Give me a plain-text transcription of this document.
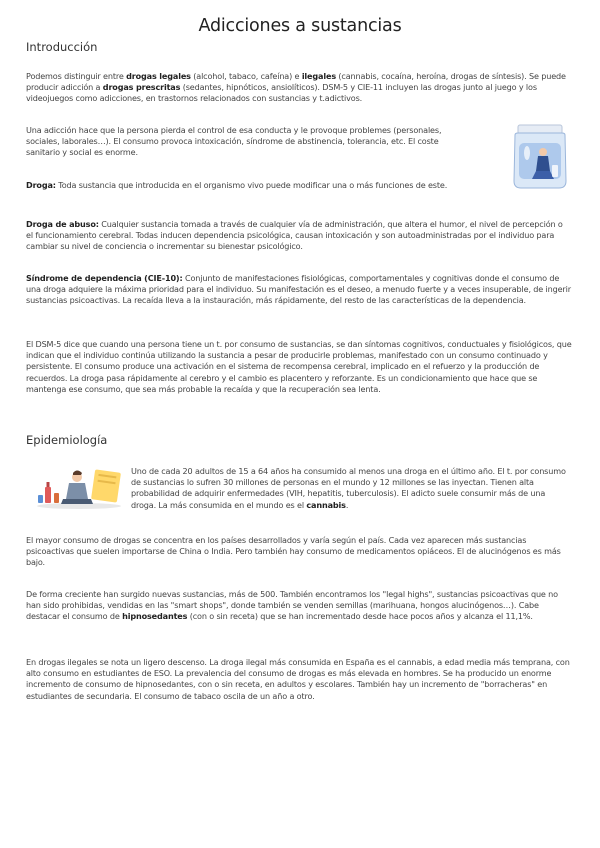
Adicciones a sustancias
Introducción
Podemos distinguir entre drogas legales (alcohol, tabaco, cafeína) e ilegales (cannabis, cocaína, heroína, drogas de síntesis). Se puede producir adicción a drogas prescritas (sedantes, hipnóticos, ansiolíticos). DSM-5 y CIE-11 incluyen las drogas junto al juego y los videojuegos como adicciones, en trastornos relacionados con sustancias y t.adictivos.
Una adicción hace que la persona pierda el control de esa conducta y le provoque problemes (personales, sociales, laborales…). El consumo provoca intoxicación, síndrome de abstinencia, tolerancia, etc. El coste sanitario y social es enorme.
Droga: Toda sustancia que introducida en el organismo vivo puede modificar una o más funciones de este.
Droga de abuso: Cualquier sustancia tomada a través de cualquier vía de administración, que altera el humor, el nivel de percepción o el funcionamiento cerebral. Todas inducen dependencia psicológica, causan intoxicación y son autoadministradas por el individuo para cambiar su nivel de conciencia o incrementar su bienestar psicológico.
Síndrome de dependencia (CIE-10): Conjunto de manifestaciones fisiológicas, comportamentales y cognitivas donde el consumo de una droga adquiere la máxima prioridad para el individuo. Su manifestación es el deseo, a menudo fuerte y a veces insuperable, de ingerir sustancias psicoactivas. La recaída lleva a la instauración, más rápidamente, del resto de las características de la dependencia.
El DSM-5 dice que cuando una persona tiene un t. por consumo de sustancias, se dan síntomas cognitivos, conductuales y fisiológicos, que indican que el individuo continúa utilizando la sustancia a pesar de producirle problemas, manifestado con un consumo continuado y persistente. El consumo produce una activación en el sistema de recompensa cerebral, implicado en el refuerzo y la producción de recuerdos. La droga pasa rápidamente al cerebro y el cambio es placentero y reforzante. Es un condicionamiento que hace que se mantenga ese consumo, que sea más probable la recaída y que la recuperación sea lenta.
Epidemiología
Uno de cada 20 adultos de 15 a 64 años ha consumido al menos una droga en el último año. El t. por consumo de sustancias lo sufren 30 millones de personas en el mundo y 12 millones se las inyectan. Tienen alta probabilidad de adquirir enfermedades (VIH, hepatitis, tuberculosis). El adicto suele consumir más de una droga. La más consumida en el mundo es el cannabis.
El mayor consumo de drogas se concentra en los países desarrollados y varía según el país. Cada vez aparecen más sustancias psicoactivas que suelen importarse de China o India. Pero también hay consumo de medicamentos opiáceos. El de alucinógenos es más bajo.
De forma creciente han surgido nuevas sustancias, más de 500. También encontramos los "legal highs", sustancias psicoactivas que no han sido prohibidas, vendidas en las "smart shops", donde también se venden semillas (marihuana, hongos alucinógenos…). Cabe destacar el consumo de hipnosedantes (con o sin receta) que se han incrementado desde hace pocos años y alcanza el 11,1%.
En drogas ilegales se nota un ligero descenso. La droga ilegal más consumida en España es el cannabis, a edad media más temprana, con alto consumo en estudiantes de ESO. La prevalencia del consumo de drogas es más elevada en hombres. Se ha producido un enorme incremento de consumo de hipnosedantes, con o sin receta, en adultos y escolares. También hay un incremento de "borracheras" en estudiantes de secundaria. El consumo de tabaco oscila de un año a otro.
